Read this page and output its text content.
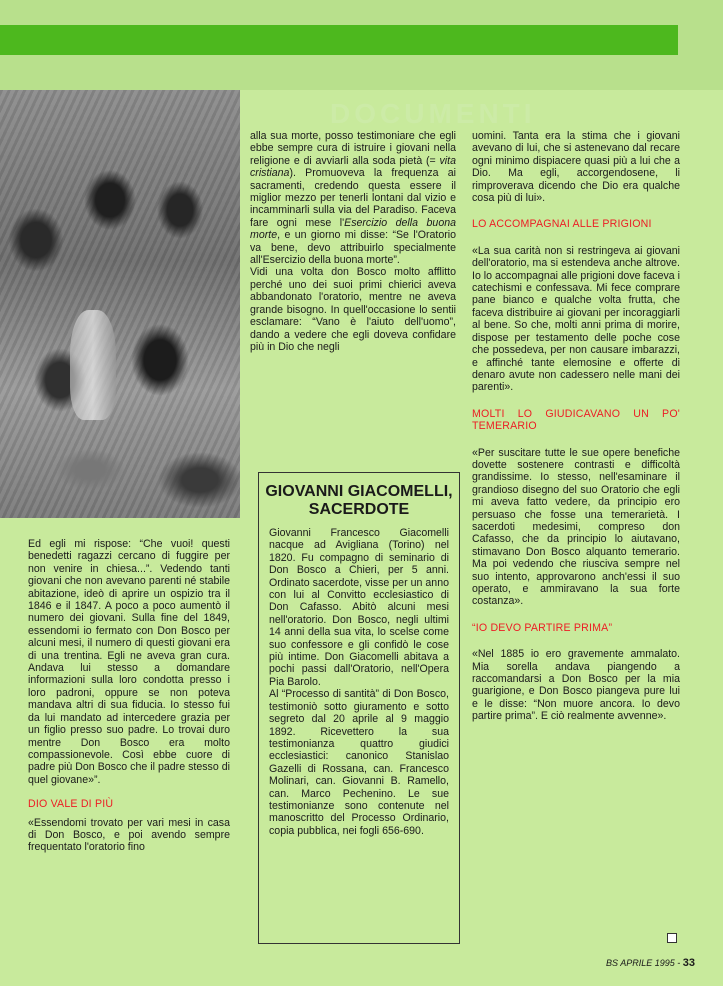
DOCUMENTI

Ed egli mi rispose: “Che vuoi! questi benedetti ragazzi cercano di fuggire per non venire in chiesa...”. Vedendo tanti giovani che non avevano parenti né stabile abitazione, ideò di aprire un ospizio tra il 1846 e il 1847. A poco a poco aumentò il numero dei giovani. Sulla fine del 1849, essendomi io fermato con Don Bosco per alcuni mesi, il numero di questi giovani era di una trentina. Egli ne aveva gran cura. Andava lui stesso a domandare informazioni sulla loro condotta presso i loro padroni, oppure se non poteva mandava altri di sua fiducia. Io stesso fui da lui mandato ad intercedere grazia per un figlio presso suo padre. Lo trovai duro mentre Don Bosco era molto compassionevole. Così ebbe cuore di padre più Don Bosco che il padre stesso di quel giovane»”.

DIO VALE DI PIÙ

«Essendomi trovato per vari mesi in casa di Don Bosco, e poi avendo sempre frequentato l'oratorio fino

alla sua morte, posso testimoniare che egli ebbe sempre cura di istruire i giovani nella religione e di avviarli alla soda pietà (= vita cristiana). Promuoveva la frequenza ai sacramenti, credendo questa essere il miglior mezzo per tenerli lontani dal vizio e incamminarli sulla via del Paradiso. Faceva fare ogni mese l'Esercizio della buona morte, e un giorno mi disse: “Se l'Oratorio va bene, devo attribuirlo specialmente all'Esercizio della buona morte”.

Vidi una volta don Bosco molto afflitto perché uno dei suoi primi chierici aveva abbandonato l'oratorio, mentre ne aveva grande bisogno. In quell'occasione lo sentii esclamare: “Vano è l'aiuto dell'uomo”, dando a vedere che egli doveva confidare più in Dio che negli

GIOVANNI GIACOMELLI, SACERDOTE

Giovanni Francesco Giacomelli nacque ad Avigliana (Torino) nel 1820. Fu compagno di seminario di Don Bosco a Chieri, per 5 anni. Ordinato sacerdote, visse per un anno con lui al Convitto ecclesiastico di Don Cafasso. Abitò alcuni mesi nell'oratorio. Don Bosco, negli ultimi 14 anni della sua vita, lo scelse come suo confessore e gli confidò le cose più intime. Don Giacomelli abitava a pochi passi dall'Oratorio, nell'Opera Pia Barolo.

Al “Processo di santità” di Don Bosco, testimoniò sotto giuramento e sotto segreto dal 20 aprile al 9 maggio 1892. Ricevettero la sua testimonianza quattro giudici ecclesiastici: canonico Stanislao Gazelli di Rossana, can. Francesco Molinari, can. Giovanni B. Ramello, can. Marco Pechenino. Le sue testimonianze sono contenute nel manoscritto del Processo Ordinario, copia pubblica, nei fogli 656-690.

uomini. Tanta era la stima che i giovani avevano di lui, che si astenevano dal recare ogni minimo dispiacere quasi più a lui che a Dio. Ma egli, accorgendosene, li rimproverava dicendo che Dio era qualche cosa più di lui».

LO ACCOMPAGNAI ALLE PRIGIONI

«La sua carità non si restringeva ai giovani dell'oratorio, ma si estendeva anche altrove. Io lo accompagnai alle prigioni dove faceva i catechismi e confessava. Mi fece comprare pane bianco e qualche volta frutta, che faceva distribuire ai giovani per incoraggiarli al bene. So che, molti anni prima di morire, dispose per testamento delle poche cose che possedeva, per non causare imbarazzi, e affinché tante elemosine e offerte di denaro avute non cadessero nelle mani dei parenti».

MOLTI LO GIUDICAVANO UN PO' TEMERARIO

«Per suscitare tutte le sue opere benefiche dovette sostenere contrasti e difficoltà grandissime. Io stesso, nell'esaminare il grandioso disegno del suo Oratorio che egli mi aveva fatto vedere, da principio ero persuaso che fosse una temerarietà. I sacerdoti medesimi, compreso don Cafasso, che da principio lo aiutavano, stimavano Don Bosco alquanto temerario. Ma poi vedendo che riusciva sempre nel suo intento, approvarono anch'essi il suo operato, e ammiravano la sua forte costanza».

“IO DEVO PARTIRE PRIMA”

«Nel 1885 io ero gravemente ammalato. Mia sorella andava piangendo a raccomandarsi a Don Bosco per la mia guarigione, e Don Bosco piangeva pure lui e le disse: “Non muore ancora. Io devo partire prima”. E ciò realmente avvenne».

BS APRILE 1995 - 33
